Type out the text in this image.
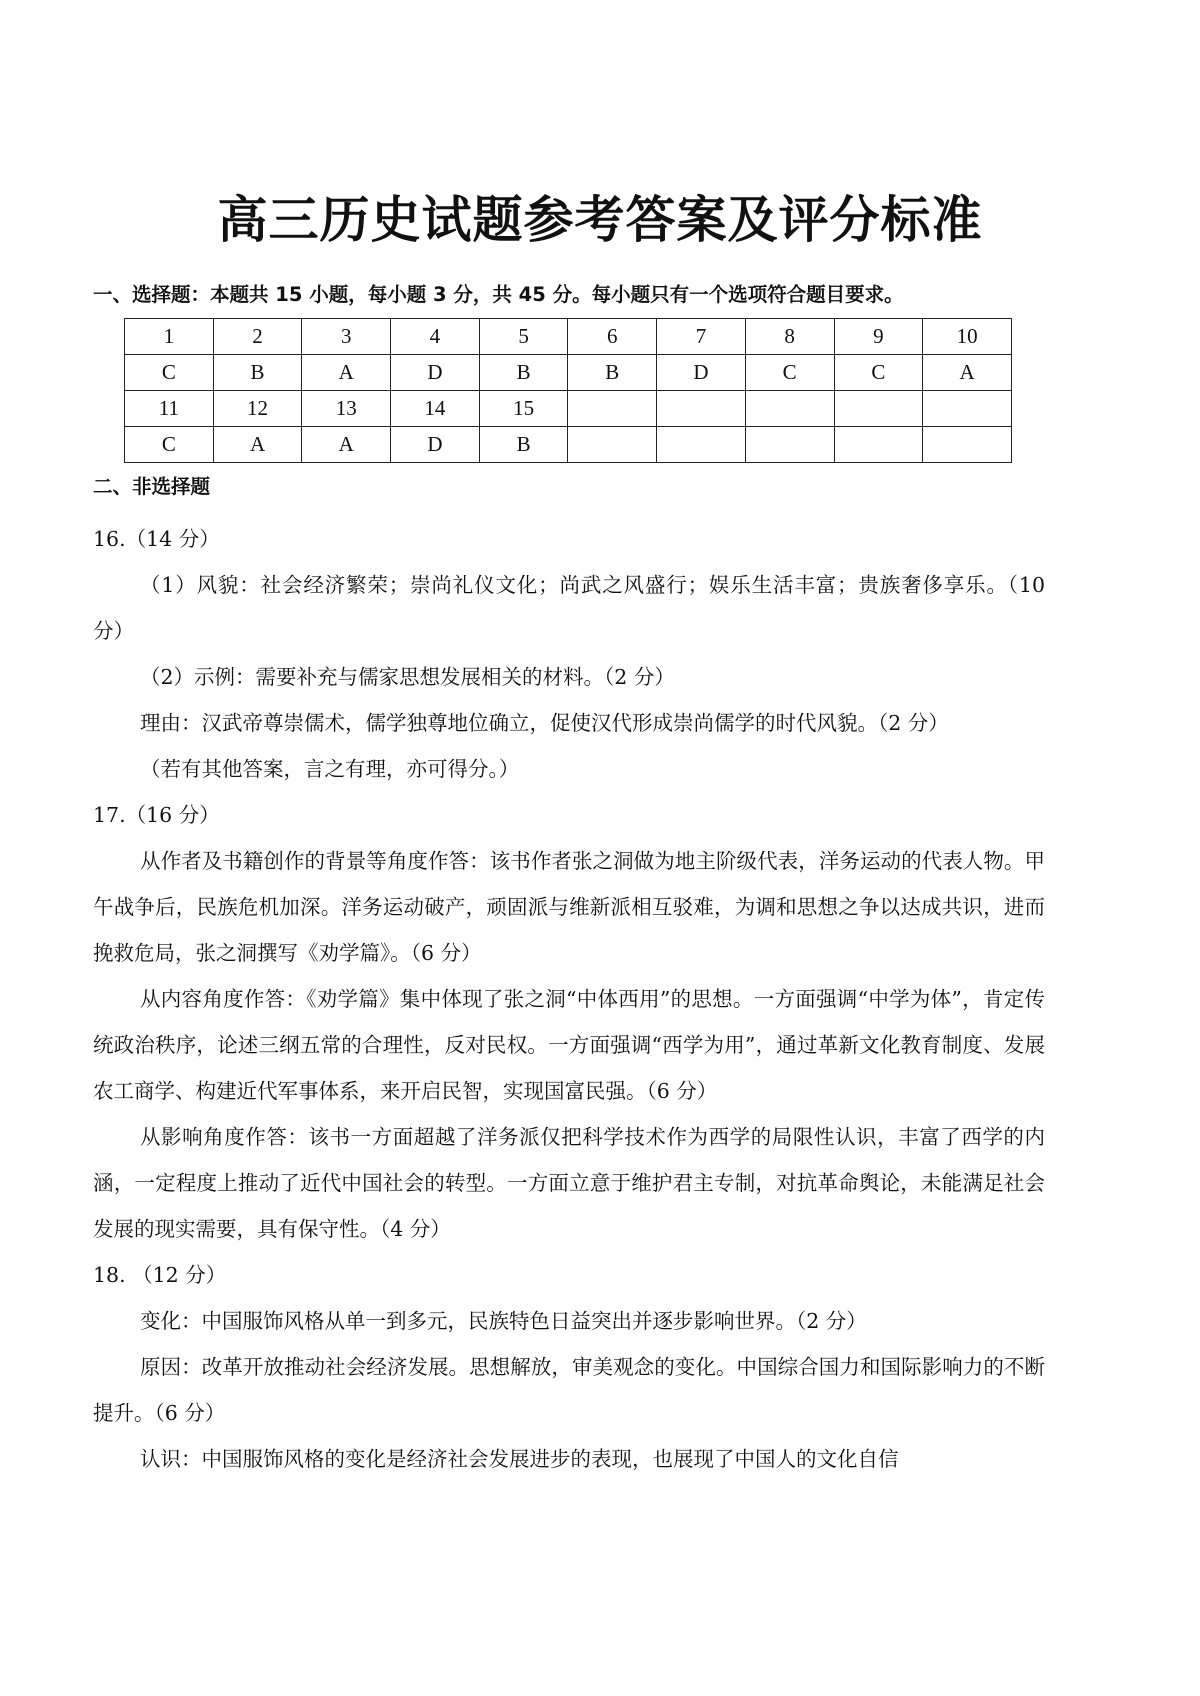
高三历史试题参考答案及评分标准
一、选择题：本题共 15 小题，每小题 3 分，共 45 分。每小题只有一个选项符合题目要求。
1	2	3	4	5	6	7	8	9	10
C	B	A	D	B	B	D	C	C	A
11	12	13	14	15					
C	A	A	D	B					
二、非选择题

16.（14 分）

（1）风貌：社会经济繁荣；崇尚礼仪文化；尚武之风盛行；娱乐生活丰富；贵族奢侈享乐。（10 分）

（2）示例：需要补充与儒家思想发展相关的材料。（2 分）

理由：汉武帝尊崇儒术，儒学独尊地位确立，促使汉代形成崇尚儒学的时代风貌。（2 分）

（若有其他答案，言之有理，亦可得分。）

17.（16 分）

从作者及书籍创作的背景等角度作答：该书作者张之洞做为地主阶级代表，洋务运动的代表人物。甲午战争后，民族危机加深。洋务运动破产，顽固派与维新派相互驳难，为调和思想之争以达成共识，进而挽救危局，张之洞撰写《劝学篇》。（6 分）

从内容角度作答：《劝学篇》集中体现了张之洞“中体西用”的思想。一方面强调“中学为体”，肯定传统政治秩序，论述三纲五常的合理性，反对民权。一方面强调“西学为用”，通过革新文化教育制度、发展农工商学、构建近代军事体系，来开启民智，实现国富民强。（6 分）

从影响角度作答：该书一方面超越了洋务派仅把科学技术作为西学的局限性认识，丰富了西学的内涵，一定程度上推动了近代中国社会的转型。一方面立意于维护君主专制，对抗革命舆论，未能满足社会发展的现实需要，具有保守性。（4 分）

18. （12 分）

变化：中国服饰风格从单一到多元，民族特色日益突出并逐步影响世界。（2 分）

原因：改革开放推动社会经济发展。思想解放，审美观念的变化。中国综合国力和国际影响力的不断提升。（6 分）

认识：中国服饰风格的变化是经济社会发展进步的表现，也展现了中国人的文化自信
